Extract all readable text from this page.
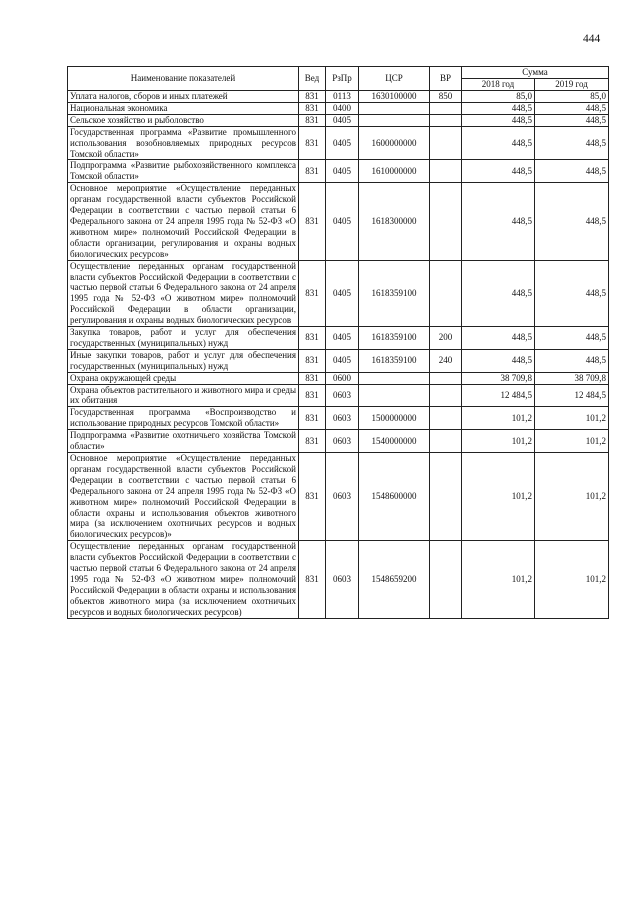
444
Наименование показателей	Вед	РзПр	ЦСР	ВР	Сумма	
					2018 год	2019 год
Уплата налогов, сборов и иных платежей	831	0113	1630100000	850	85,0	85,0
Национальная экономика	831	0400			448,5	448,5
Сельское хозяйство и рыболовство	831	0405			448,5	448,5
Государственная программа «Развитие промышленного использования возобновляемых природных ресурсов Томской области»	831	0405	1600000000		448,5	448,5
Подпрограмма «Развитие рыбохозяйственного комплекса Томской области»	831	0405	1610000000		448,5	448,5
Основное мероприятие «Осуществление переданных органам государственной власти субъектов Российской Федерации в соответствии с частью первой статьи 6 Федерального закона от 24 апреля 1995 года № 52-ФЗ «О животном мире» полномочий Российской Федерации в области организации, регулирования и охраны водных биологических ресурсов»	831	0405	1618300000		448,5	448,5
Осуществление переданных органам государственной власти субъектов Российской Федерации в соответствии с частью первой статьи 6 Федерального закона от 24 апреля 1995 года № 52-ФЗ «О животном мире» полномочий Российской Федерации в области организации, регулирования и охраны водных биологических ресурсов	831	0405	1618359100		448,5	448,5
Закупка товаров, работ и услуг для обеспечения государственных (муниципальных) нужд	831	0405	1618359100	200	448,5	448,5
Иные закупки товаров, работ и услуг для обеспечения государственных (муниципальных) нужд	831	0405	1618359100	240	448,5	448,5
Охрана окружающей среды	831	0600			38 709,8	38 709,8
Охрана объектов растительного и животного мира и среды их обитания	831	0603			12 484,5	12 484,5
Государственная программа «Воспроизводство и использование природных ресурсов Томской области»	831	0603	1500000000		101,2	101,2
Подпрограмма «Развитие охотничьего хозяйства Томской области»	831	0603	1540000000		101,2	101,2
Основное мероприятие «Осуществление переданных органам государственной власти субъектов Российской Федерации в соответствии с частью первой статьи 6 Федерального закона от 24 апреля 1995 года № 52-ФЗ «О животном мире» полномочий Российской Федерации в области охраны и использования объектов животного мира (за исключением охотничьих ресурсов и водных биологических ресурсов)»	831	0603	1548600000		101,2	101,2
Осуществление переданных органам государственной власти субъектов Российской Федерации в соответствии с частью первой статьи 6 Федерального закона от 24 апреля 1995 года № 52-ФЗ «О животном мире» полномочий Российской Федерации в области охраны и использования объектов животного мира (за исключением охотничьих ресурсов и водных биологических ресурсов)	831	0603	1548659200		101,2	101,2
